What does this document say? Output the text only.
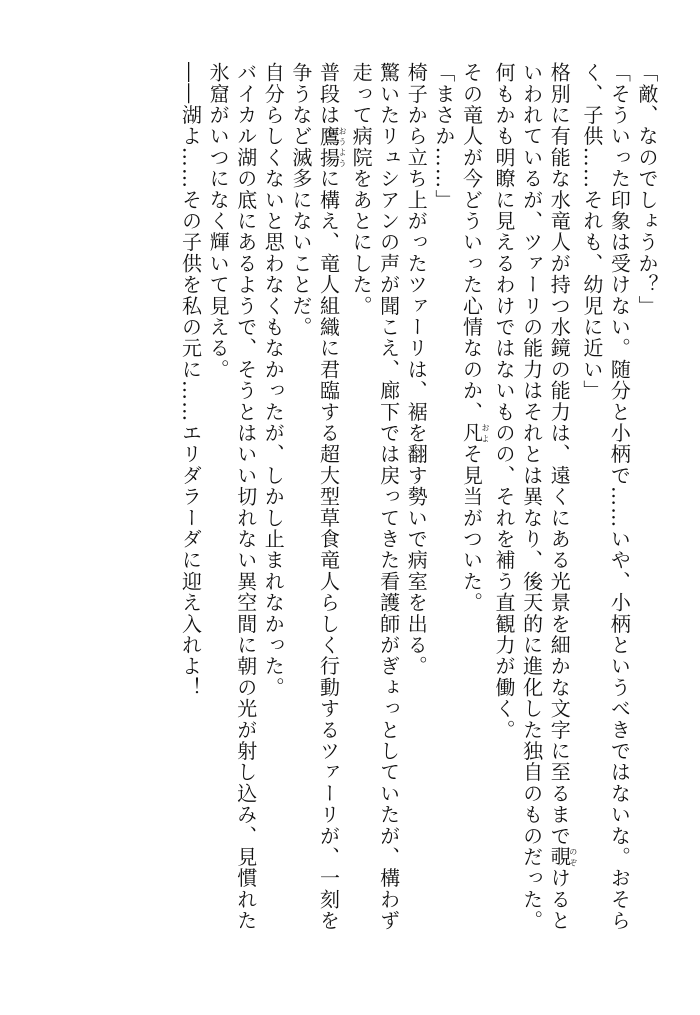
「敵、なのでしょうか？」
「そういった印象は受けない。随分と小柄で……いや、小柄というべきではないな。おそら
く、子供……それも、幼児に近い」
格別に有能な水竜人が持つ水鏡の能力は、遠くにある光景を細かな文字に至るまで覗のぞけると
いわれているが、ツァーリの能力はそれとは異なり、後天的に進化した独自のものだった。
何もかも明瞭に見えるわけではないものの、それを補う直観力が働く。
その竜人が今どういった心情なのか、凡およそ見当がついた。
「まさか……」
椅子から立ち上がったツァーリは、裾を翻す勢いで病室を出る。
驚いたリュシアンの声が聞こえ、廊下では戻ってきた看護師がぎょっとしていたが、構わず
走って病院をあとにした。
普段は鷹揚おうように構え、竜人組織に君臨する超大型草食竜人らしく行動するツァーリが、一刻を
争うなど滅多にないことだ。
自分らしくないと思わなくもなかったが、しかし止まれなかった。
バイカル湖の底にあるようで、そうとはいい切れない異空間に朝の光が射し込み、見慣れた
氷窟がいつになく輝いて見える。
――湖よ……その子供を私の元に……エリダラーダに迎え入れよ！
